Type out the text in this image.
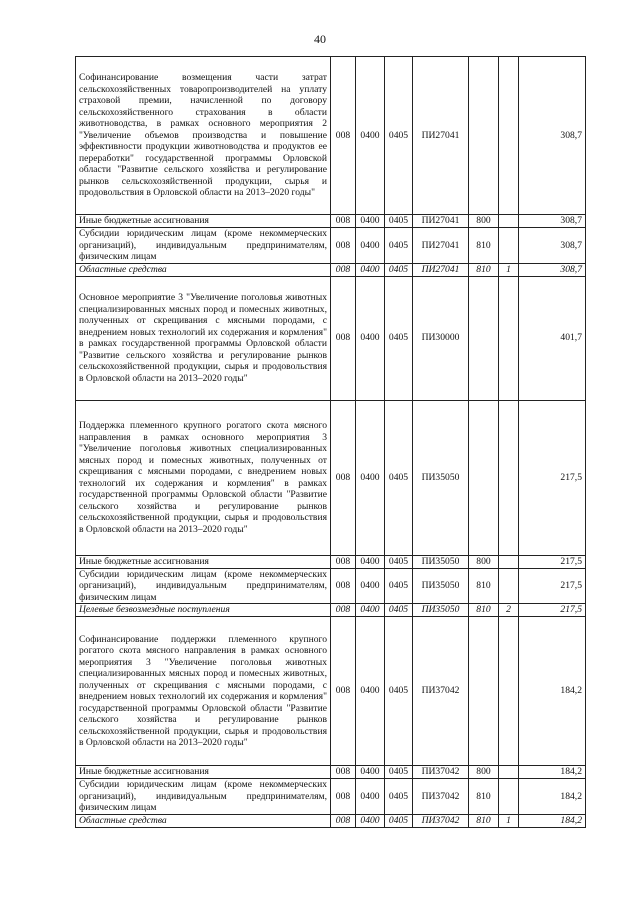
40
Софинансирование возмещения части затрат сельскохозяйственных товаропроизводителей на уплату страховой премии, начисленной по договору сельскохозяйственного страхования в области животноводства, в рамках основного мероприятия 2 "Увеличение объемов производства и повышение эффективности продукции животноводства и продуктов ее переработки" государственной программы Орловской области "Развитие сельского хозяйства и регулирование рынков сельскохозяйственной продукции, сырья и продовольствия в Орловской области на 2013–2020 годы"	008	0400	0405	ПИ27041			308,7
Иные бюджетные ассигнования	008	0400	0405	ПИ27041	800		308,7
Субсидии юридическим лицам (кроме некоммерческих организаций), индивидуальным предпринимателям, физическим лицам	008	0400	0405	ПИ27041	810		308,7
Областные средства	008	0400	0405	ПИ27041	810	1	308,7
Основное мероприятие 3 "Увеличение поголовья животных специализированных мясных пород и помесных животных, полученных от скрещивания с мясными породами, с внедрением новых технологий их содержания и кормления" в рамках государственной программы Орловской области "Развитие сельского хозяйства и регулирование рынков сельскохозяйственной продукции, сырья и продовольствия в Орловской области на 2013–2020 годы"	008	0400	0405	ПИ30000			401,7
Поддержка племенного крупного рогатого скота мясного направления в рамках основного мероприятия 3 "Увеличение поголовья животных специализированных мясных пород и помесных животных, полученных от скрещивания с мясными породами, с внедрением новых технологий их содержания и кормления" в рамках государственной программы Орловской области "Развитие сельского хозяйства и регулирование рынков сельскохозяйственной продукции, сырья и продовольствия в Орловской области на 2013–2020 годы"	008	0400	0405	ПИ35050			217,5
Иные бюджетные ассигнования	008	0400	0405	ПИ35050	800		217,5
Субсидии юридическим лицам (кроме некоммерческих организаций), индивидуальным предпринимателям, физическим лицам	008	0400	0405	ПИ35050	810		217,5
Целевые безвозмездные поступления	008	0400	0405	ПИ35050	810	2	217,5
Софинансирование поддержки племенного крупного рогатого скота мясного направления в рамках основного мероприятия 3 "Увеличение поголовья животных специализированных мясных пород и помесных животных, полученных от скрещивания с мясными породами, с внедрением новых технологий их содержания и кормления" государственной программы Орловской области "Развитие сельского хозяйства и регулирование рынков сельскохозяйственной продукции, сырья и продовольствия в Орловской области на 2013–2020 годы"	008	0400	0405	ПИ37042			184,2
Иные бюджетные ассигнования	008	0400	0405	ПИ37042	800		184,2
Субсидии юридическим лицам (кроме некоммерческих организаций), индивидуальным предпринимателям, физическим лицам	008	0400	0405	ПИ37042	810		184,2
Областные средства	008	0400	0405	ПИ37042	810	1	184,2
